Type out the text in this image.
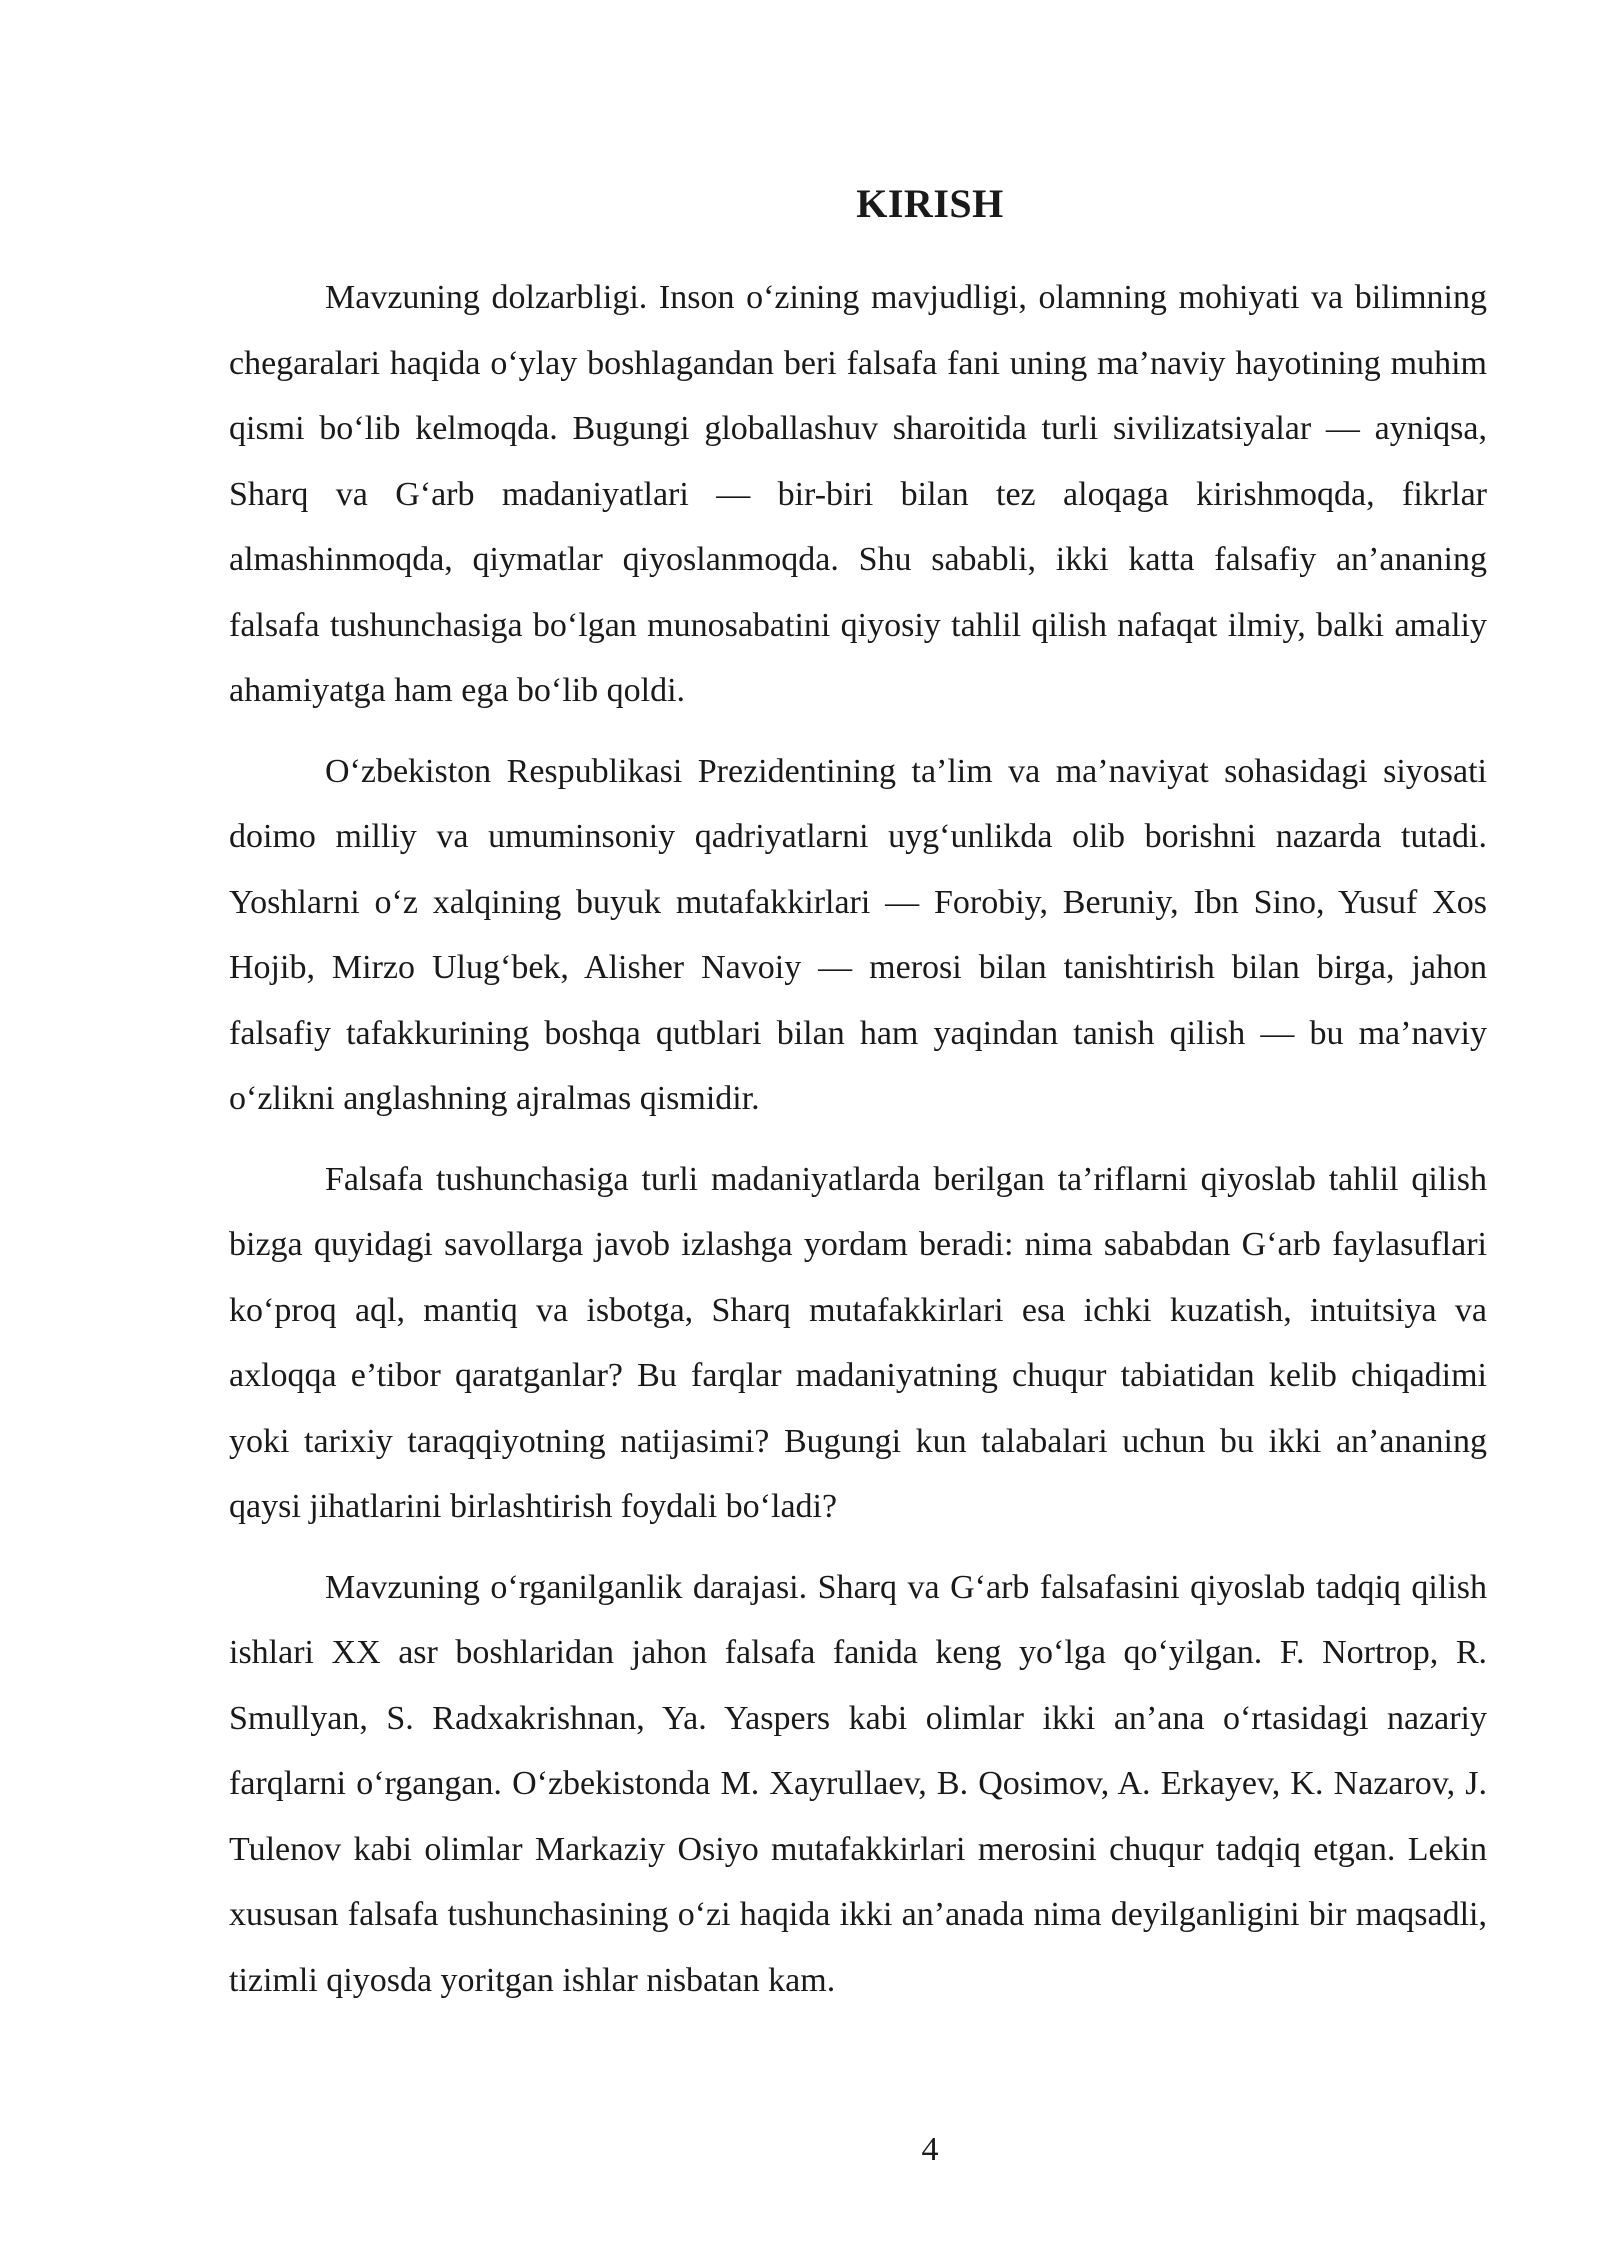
KIRISH

Mavzuning dolzarbligi. Inson o‘zining mavjudligi, olamning mohiyati va bilimning chegaralari haqida o‘ylay boshlagandan beri falsafa fani uning ma’naviy hayotining muhim qismi bo‘lib kelmoqda. Bugungi globallashuv sharoitida turli sivilizatsiyalar — ayniqsa, Sharq va G‘arb madaniyatlari — bir-biri bilan tez aloqaga kirishmoqda, fikrlar almashinmoqda, qiymatlar qiyoslanmoqda. Shu sababli, ikki katta falsafiy an’ananing falsafa tushunchasiga bo‘lgan munosabatini qiyosiy tahlil qilish nafaqat ilmiy, balki amaliy ahamiyatga ham ega bo‘lib qoldi.

O‘zbekiston Respublikasi Prezidentining ta’lim va ma’naviyat sohasidagi siyosati doimo milliy va umuminsoniy qadriyatlarni uyg‘unlikda olib borishni nazarda tutadi. Yoshlarni o‘z xalqining buyuk mutafakkirlari — Forobiy, Beruniy, Ibn Sino, Yusuf Xos Hojib, Mirzo Ulug‘bek, Alisher Navoiy — merosi bilan tanishtirish bilan birga, jahon falsafiy tafakkurining boshqa qutblari bilan ham yaqindan tanish qilish — bu ma’naviy o‘zlikni anglashning ajralmas qismidir.

Falsafa tushunchasiga turli madaniyatlarda berilgan ta’riflarni qiyoslab tahlil qilish bizga quyidagi savollarga javob izlashga yordam beradi: nima sababdan G‘arb faylasuflari ko‘proq aql, mantiq va isbotga, Sharq mutafakkirlari esa ichki kuzatish, intuitsiya va axloqqa e’tibor qaratganlar? Bu farqlar madaniyatning chuqur tabiatidan kelib chiqadimi yoki tarixiy taraqqiyotning natijasimi? Bugungi kun talabalari uchun bu ikki an’ananing qaysi jihatlarini birlashtirish foydali bo‘ladi?

Mavzuning o‘rganilganlik darajasi. Sharq va G‘arb falsafasini qiyoslab tadqiq qilish ishlari XX asr boshlaridan jahon falsafa fanida keng yo‘lga qo‘yilgan. F. Nortrop, R. Smullyan, S. Radxakrishnan, Ya. Yaspers kabi olimlar ikki an’ana o‘rtasidagi nazariy farqlarni o‘rgangan. O‘zbekistonda M. Xayrullaev, B. Qosimov, A. Erkayev, K. Nazarov, J. Tulenov kabi olimlar Markaziy Osiyo mutafakkirlari merosini chuqur tadqiq etgan. Lekin xususan falsafa tushunchasining o‘zi haqida ikki an’anada nima deyilganligini bir maqsadli, tizimli qiyosda yoritgan ishlar nisbatan kam.

4
